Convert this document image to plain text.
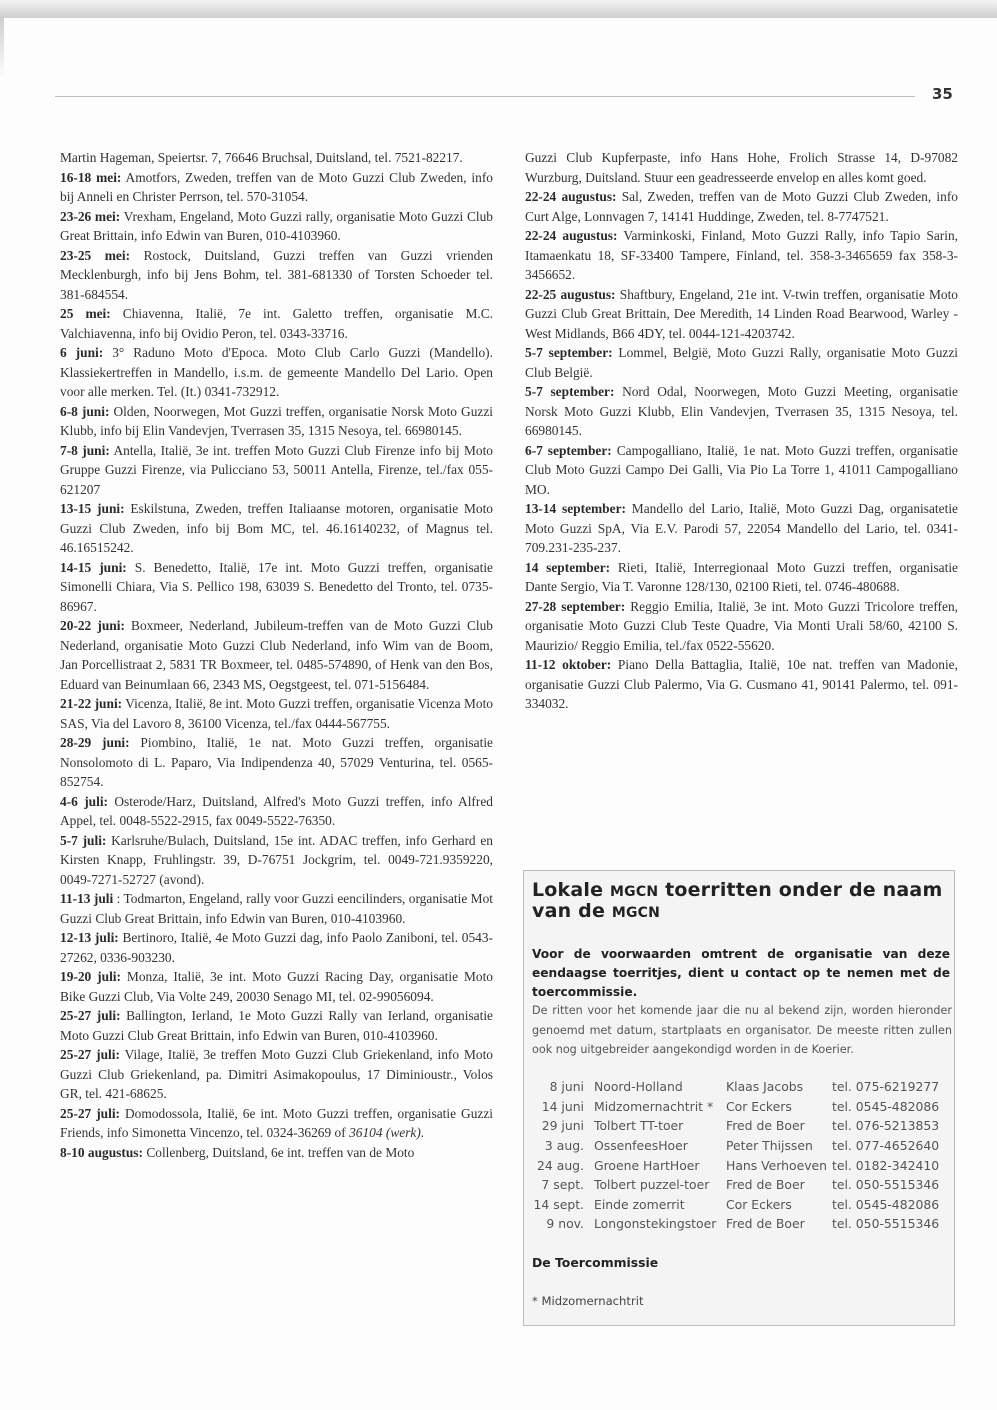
35

Martin Hageman, Speiertsr. 7, 76646 Bruchsal, Duitsland, tel. 7521-82217.

16-18 mei: Amotfors, Zweden, treffen van de Moto Guzzi Club Zweden, info bij Anneli en Christer Perrson, tel. 570-31054.

23-26 mei: Vrexham, Engeland, Moto Guzzi rally, organisatie Moto Guzzi Club Great Brittain, info Edwin van Buren, 010-4103960.

23-25 mei: Rostock, Duitsland, Guzzi treffen van Guzzi vrienden Mecklenburgh, info bij Jens Bohm, tel. 381-681330 of Torsten Schoeder tel. 381-684554.

25 mei: Chiavenna, Italië, 7e int. Galetto treffen, organisatie M.C. Valchiavenna, info bij Ovidio Peron, tel. 0343-33716.

6 juni: 3° Raduno Moto d'Epoca. Moto Club Carlo Guzzi (Mandello). Klassiekertreffen in Mandello, i.s.m. de gemeente Mandello Del Lario. Open voor alle merken. Tel. (It.) 0341-732912.

6-8 juni: Olden, Noorwegen, Mot Guzzi treffen, organisatie Norsk Moto Guzzi Klubb, info bij Elin Vandevjen, Tverrasen 35, 1315 Nesoya, tel. 66980145.

7-8 juni: Antella, Italië, 3e int. treffen Moto Guzzi Club Firenze info bij Moto Gruppe Guzzi Firenze, via Pulicciano 53, 50011 Antella, Firenze, tel./fax 055-621207

13-15 juni: Eskilstuna, Zweden, treffen Italiaanse motoren, organisatie Moto Guzzi Club Zweden, info bij Bom MC, tel. 46.16140232, of Magnus tel. 46.16515242.

14-15 juni: S. Benedetto, Italië, 17e int. Moto Guzzi treffen, organisatie Simonelli Chiara, Via S. Pellico 198, 63039 S. Benedetto del Tronto, tel. 0735-86967.

20-22 juni: Boxmeer, Nederland, Jubileum-treffen van de Moto Guzzi Club Nederland, organisatie Moto Guzzi Club Nederland, info Wim van de Boom, Jan Porcellistraat 2, 5831 TR Boxmeer, tel. 0485-574890, of Henk van den Bos, Eduard van Beinumlaan 66, 2343 MS, Oegstgeest, tel. 071-5156484.

21-22 juni: Vicenza, Italië, 8e int. Moto Guzzi treffen, organisatie Vicenza Moto SAS, Via del Lavoro 8, 36100 Vicenza, tel./fax 0444-567755.

28-29 juni: Piombino, Italië, 1e nat. Moto Guzzi treffen, organisatie Nonsolomoto di L. Paparo, Via Indipendenza 40, 57029 Venturina, tel. 0565-852754.

4-6 juli: Osterode/Harz, Duitsland, Alfred's Moto Guzzi treffen, info Alfred Appel, tel. 0048-5522-2915, fax 0049-5522-76350.

5-7 juli: Karlsruhe/Bulach, Duitsland, 15e int. ADAC treffen, info Gerhard en Kirsten Knapp, Fruhlingstr. 39, D-76751 Jockgrim, tel. 0049-721.9359220, 0049-7271-52727 (avond).

11-13 juli : Todmarton, Engeland, rally voor Guzzi eencilinders, organisatie Mot Guzzi Club Great Brittain, info Edwin van Buren, 010-4103960.

12-13 juli: Bertinoro, Italië, 4e Moto Guzzi dag, info Paolo Zaniboni, tel. 0543-27262, 0336-903230.

19-20 juli: Monza, Italië, 3e int. Moto Guzzi Racing Day, organisatie Moto Bike Guzzi Club, Via Volte 249, 20030 Senago MI, tel. 02-99056094.

25-27 juli: Ballington, Ierland, 1e Moto Guzzi Rally van Ierland, organisatie Moto Guzzi Club Great Brittain, info Edwin van Buren, 010-4103960.

25-27 juli: Vilage, Italië, 3e treffen Moto Guzzi Club Griekenland, info Moto Guzzi Club Griekenland, pa. Dimitri Asimakopoulus, 17 Diminioustr., Volos GR, tel. 421-68625.

25-27 juli: Domodossola, Italië, 6e int. Moto Guzzi treffen, organisatie Guzzi Friends, info Simonetta Vincenzo, tel. 0324-36269 of 36104 (werk).

8-10 augustus: Collenberg, Duitsland, 6e int. treffen van de Moto

Guzzi Club Kupferpaste, info Hans Hohe, Frolich Strasse 14, D-97082 Wurzburg, Duitsland. Stuur een geadresseerde envelop en alles komt goed.

22-24 augustus: Sal, Zweden, treffen van de Moto Guzzi Club Zweden, info Curt Alge, Lonnvagen 7, 14141 Huddinge, Zweden, tel. 8-7747521.

22-24 augustus: Varminkoski, Finland, Moto Guzzi Rally, info Tapio Sarin, Itamaenkatu 18, SF-33400 Tampere, Finland, tel. 358-3-3465659 fax 358-3-3456652.

22-25 augustus: Shaftbury, Engeland, 21e int. V-twin treffen, organisatie Moto Guzzi Club Great Brittain, Dee Meredith, 14 Linden Road Bearwood, Warley - West Midlands, B66 4DY, tel. 0044-121-4203742.

5-7 september: Lommel, België, Moto Guzzi Rally, organisatie Moto Guzzi Club België.

5-7 september: Nord Odal, Noorwegen, Moto Guzzi Meeting, organisatie Norsk Moto Guzzi Klubb, Elin Vandevjen, Tverrasen 35, 1315 Nesoya, tel. 66980145.

6-7 september: Campogalliano, Italië, 1e nat. Moto Guzzi treffen, organisatie Club Moto Guzzi Campo Dei Galli, Via Pio La Torre 1, 41011 Campogalliano MO.

13-14 september: Mandello del Lario, Italië, Moto Guzzi Dag, organisatetie Moto Guzzi SpA, Via E.V. Parodi 57, 22054 Mandello del Lario, tel. 0341-709.231-235-237.

14 september: Rieti, Italië, Interregionaal Moto Guzzi treffen, organisatie Dante Sergio, Via T. Varonne 128/130, 02100 Rieti, tel. 0746-480688.

27-28 september: Reggio Emilia, Italië, 3e int. Moto Guzzi Tricolore treffen, organisatie Moto Guzzi Club Teste Quadre, Via Monti Urali 58/60, 42100 S. Maurizio/ Reggio Emilia, tel./fax 0522-55620.

11-12 oktober: Piano Della Battaglia, Italië, 10e nat. treffen van Madonie, organisatie Guzzi Club Palermo, Via G. Cusmano 41, 90141 Palermo, tel. 091-334032.

Lokale MGCN toerritten onder de naam van de MGCN
Voor de voorwaarden omtrent de organisatie van deze eendaagse toerritjes, dient u contact op te nemen met de toercommissie.
De ritten voor het komende jaar die nu al bekend zijn, worden hieronder genoemd met datum, startplaats en organisator. De meeste ritten zullen ook nog uitgebreider aangekondigd worden in de Koerier.
8 juni	Noord-Holland	Klaas Jacobs	tel. 075-6219277
14 juni	Midzomernachtrit *	Cor Eckers	tel. 0545-482086
29 juni	Tolbert TT-toer	Fred de Boer	tel. 076-5213853
3 aug.	OssenfeesHoer	Peter Thijssen	tel. 077-4652640
24 aug.	Groene HartHoer	Hans Verhoeven	tel. 0182-342410
7 sept.	Tolbert puzzel-toer	Fred de Boer	tel. 050-5515346
14 sept.	Einde zomerrit	Cor Eckers	tel. 0545-482086
9 nov.	Longonstekingstoer	Fred de Boer	tel. 050-5515346
De Toercommissie
* Midzomernachtrit
